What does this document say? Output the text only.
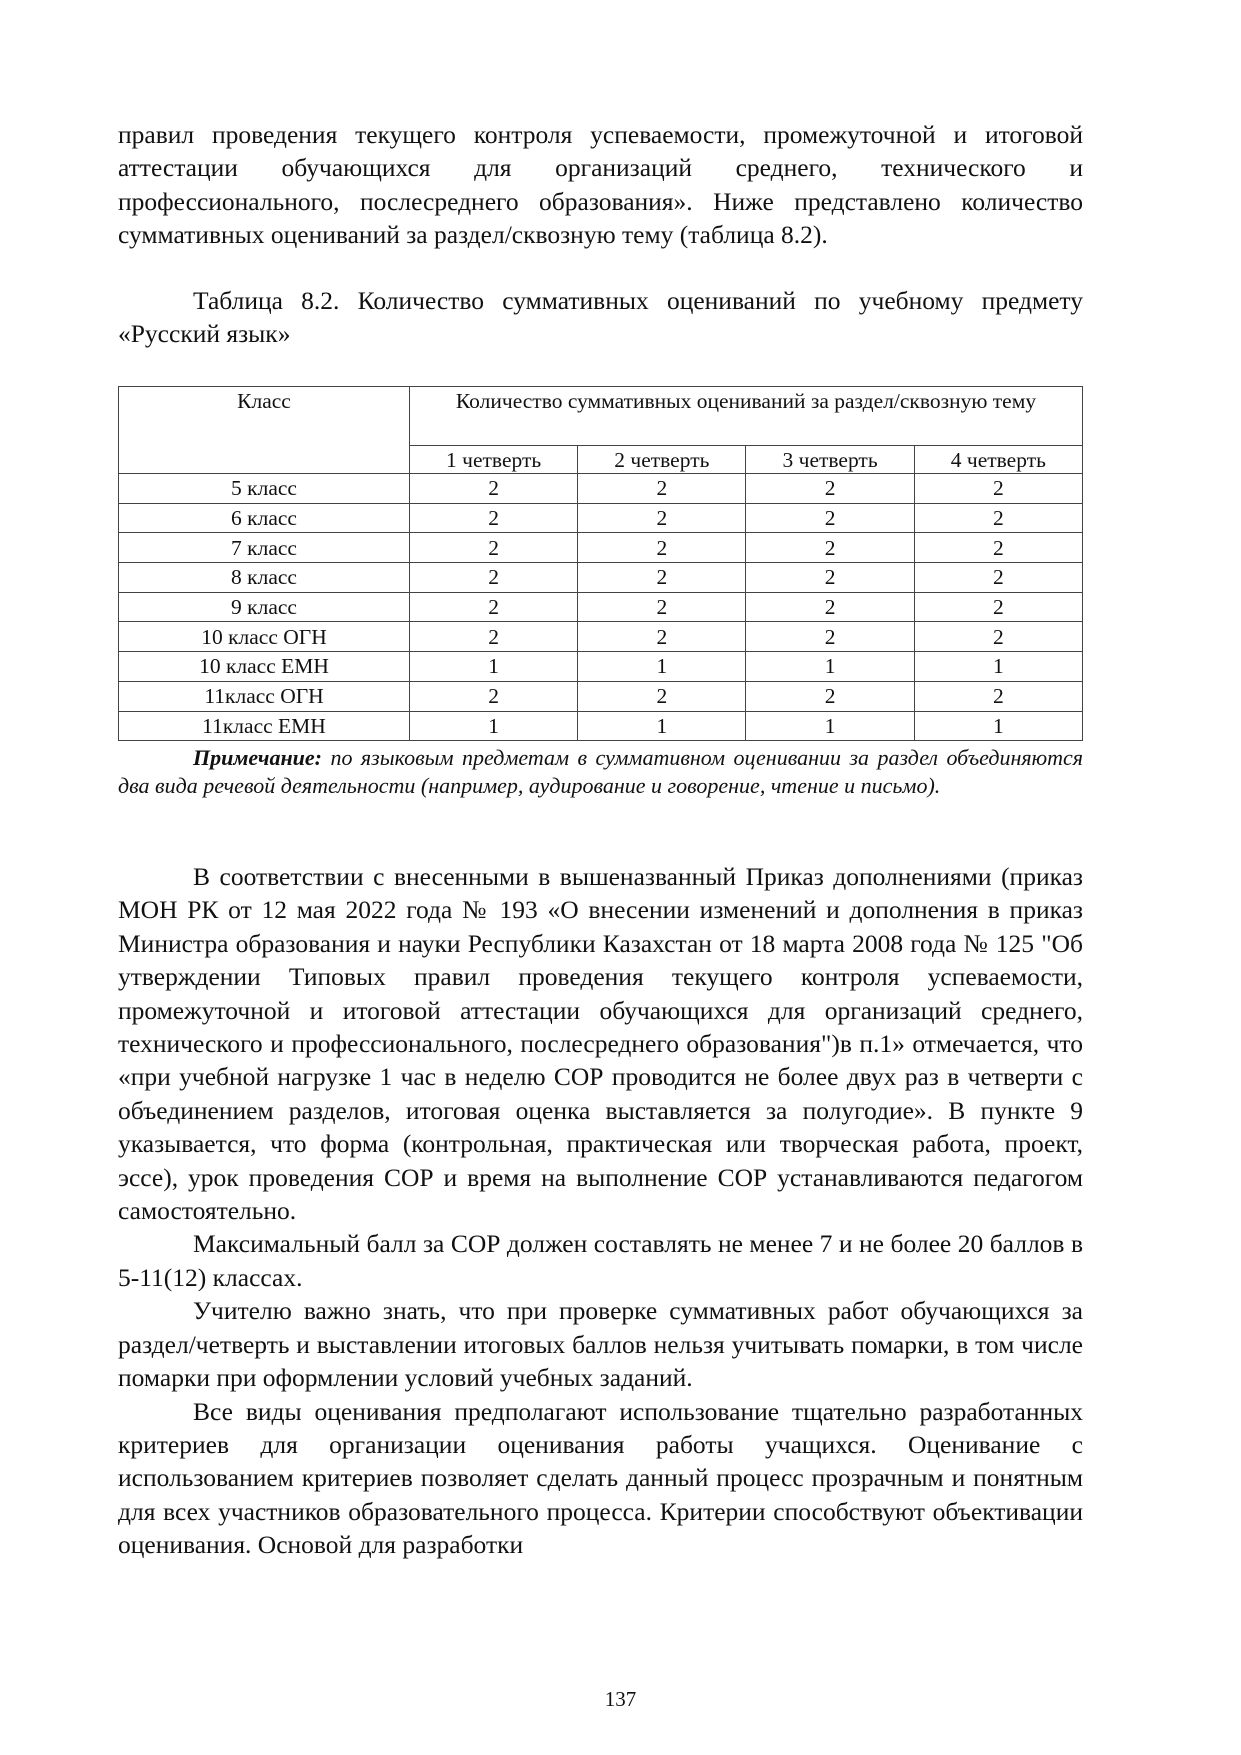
правил проведения текущего контроля успеваемости, промежуточной и итоговой аттестации обучающихся для организаций среднего, технического и профессионального, послесреднего образования». Ниже представлено количество суммативных оцениваний за раздел/сквозную тему (таблица 8.2).

Таблица 8.2. Количество суммативных оцениваний по учебному предмету «Русский язык»

Класс	Количество суммативных оцениваний за раздел/сквозную тему			
	1 четверть	2 четверть	3 четверть	4 четверть
5 класс	2	2	2	2
6 класс	2	2	2	2
7 класс	2	2	2	2
8 класс	2	2	2	2
9 класс	2	2	2	2
10 класс ОГН	2	2	2	2
10 класс ЕМН	1	1	1	1
11класс ОГН	2	2	2	2
11класс ЕМН	1	1	1	1

Примечание: по языковым предметам в суммативном оценивании за раздел объединяются два вида речевой деятельности (например, аудирование и говорение, чтение и письмо).

В соответствии с внесенными в вышеназванный Приказ дополнениями (приказ МОН РК от 12 мая 2022 года № 193 «О внесении изменений и дополнения в приказ Министра образования и науки Республики Казахстан от 18 марта 2008 года № 125 "Об утверждении Типовых правил проведения текущего контроля успеваемости, промежуточной и итоговой аттестации обучающихся для организаций среднего, технического и профессионального, послесреднего образования")в п.1» отмечается, что «при учебной нагрузке 1 час в неделю СОР проводится не более двух раз в четверти с объединением разделов, итоговая оценка выставляется за полугодие». В пункте 9 указывается, что форма (контрольная, практическая или творческая работа, проект, эссе), урок проведения СОР и время на выполнение СОР устанавливаются педагогом самостоятельно.

Максимальный балл за СОР должен составлять не менее 7 и не более 20 баллов в 5-11(12) классах.

Учителю важно знать, что при проверке суммативных работ обучающихся за раздел/четверть и выставлении итоговых баллов нельзя учитывать помарки, в том числе помарки при оформлении условий учебных заданий.

Все виды оценивания предполагают использование тщательно разработанных критериев для организации оценивания работы учащихся. Оценивание с использованием критериев позволяет сделать данный процесс прозрачным и понятным для всех участников образовательного процесса. Критерии способствуют объективации оценивания. Основой для разработки

137
